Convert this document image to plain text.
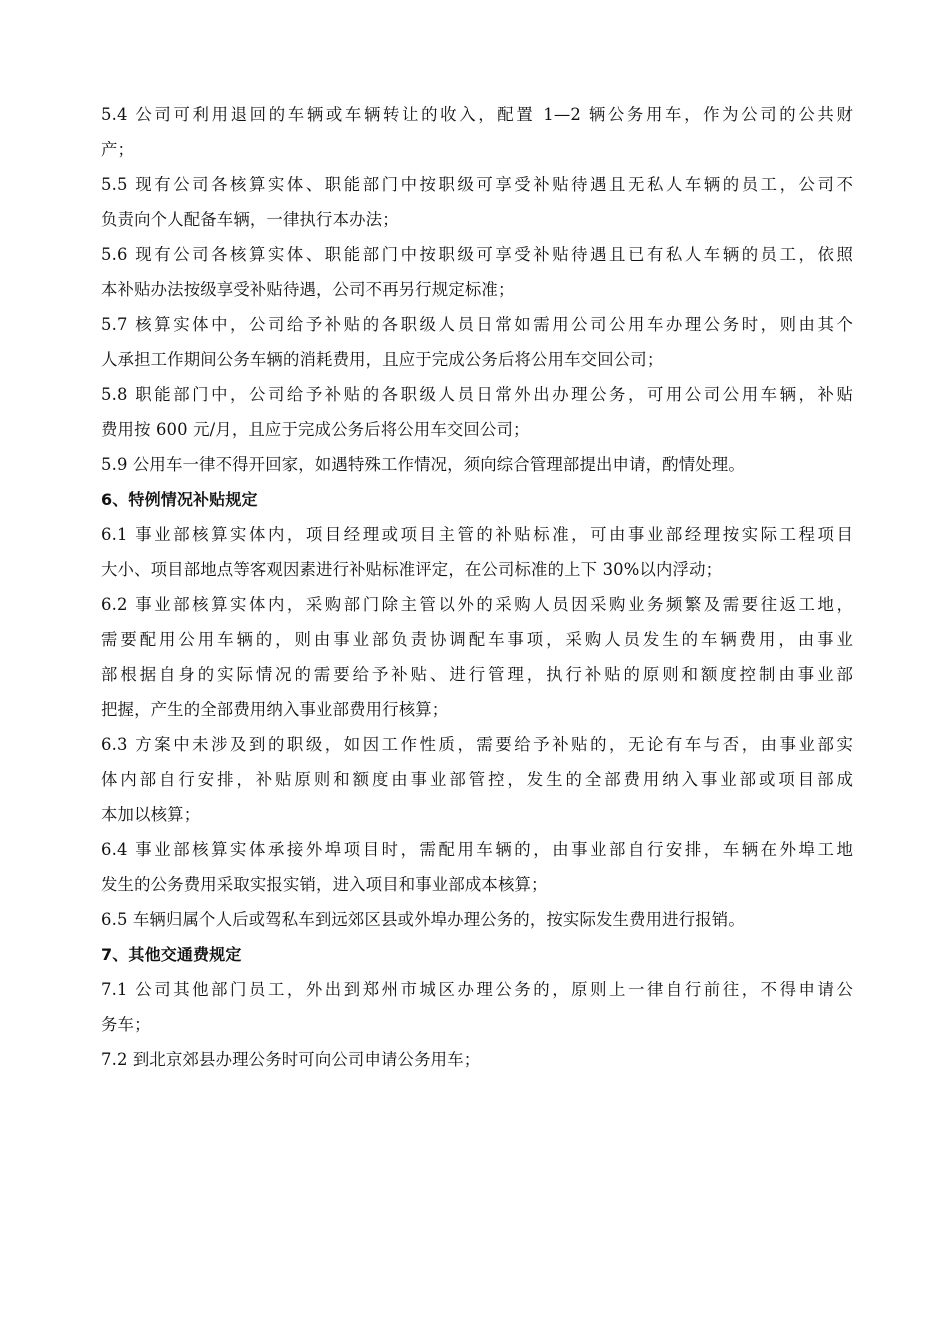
5.4 公司可利用退回的车辆或车辆转让的收入，配置 1—2 辆公务用车，作为公司的公共财
产；
5.5 现有公司各核算实体、职能部门中按职级可享受补贴待遇且无私人车辆的员工，公司不
负责向个人配备车辆，一律执行本办法；
5.6 现有公司各核算实体、职能部门中按职级可享受补贴待遇且已有私人车辆的员工，依照
本补贴办法按级享受补贴待遇，公司不再另行规定标准；
5.7 核算实体中，公司给予补贴的各职级人员日常如需用公司公用车办理公务时，则由其个
人承担工作期间公务车辆的消耗费用，且应于完成公务后将公用车交回公司；
5.8 职能部门中，公司给予补贴的各职级人员日常外出办理公务，可用公司公用车辆，补贴
费用按 600 元/月，且应于完成公务后将公用车交回公司；
5.9 公用车一律不得开回家，如遇特殊工作情况，须向综合管理部提出申请，酌情处理。
6、特例情况补贴规定
6.1 事业部核算实体内，项目经理或项目主管的补贴标准，可由事业部经理按实际工程项目
大小、项目部地点等客观因素进行补贴标准评定，在公司标准的上下 30%以内浮动；
6.2 事业部核算实体内，采购部门除主管以外的采购人员因采购业务频繁及需要往返工地，
需要配用公用车辆的，则由事业部负责协调配车事项，采购人员发生的车辆费用，由事业
部根据自身的实际情况的需要给予补贴、进行管理，执行补贴的原则和额度控制由事业部
把握，产生的全部费用纳入事业部费用行核算；
6.3 方案中未涉及到的职级，如因工作性质，需要给予补贴的，无论有车与否，由事业部实
体内部自行安排，补贴原则和额度由事业部管控，发生的全部费用纳入事业部或项目部成
本加以核算；
6.4 事业部核算实体承接外埠项目时，需配用车辆的，由事业部自行安排，车辆在外埠工地
发生的公务费用采取实报实销，进入项目和事业部成本核算；
6.5 车辆归属个人后或驾私车到远郊区县或外埠办理公务的，按实际发生费用进行报销。
7、其他交通费规定
7.1 公司其他部门员工，外出到郑州市城区办理公务的，原则上一律自行前往，不得申请公
务车；
7.2 到北京郊县办理公务时可向公司申请公务用车；
